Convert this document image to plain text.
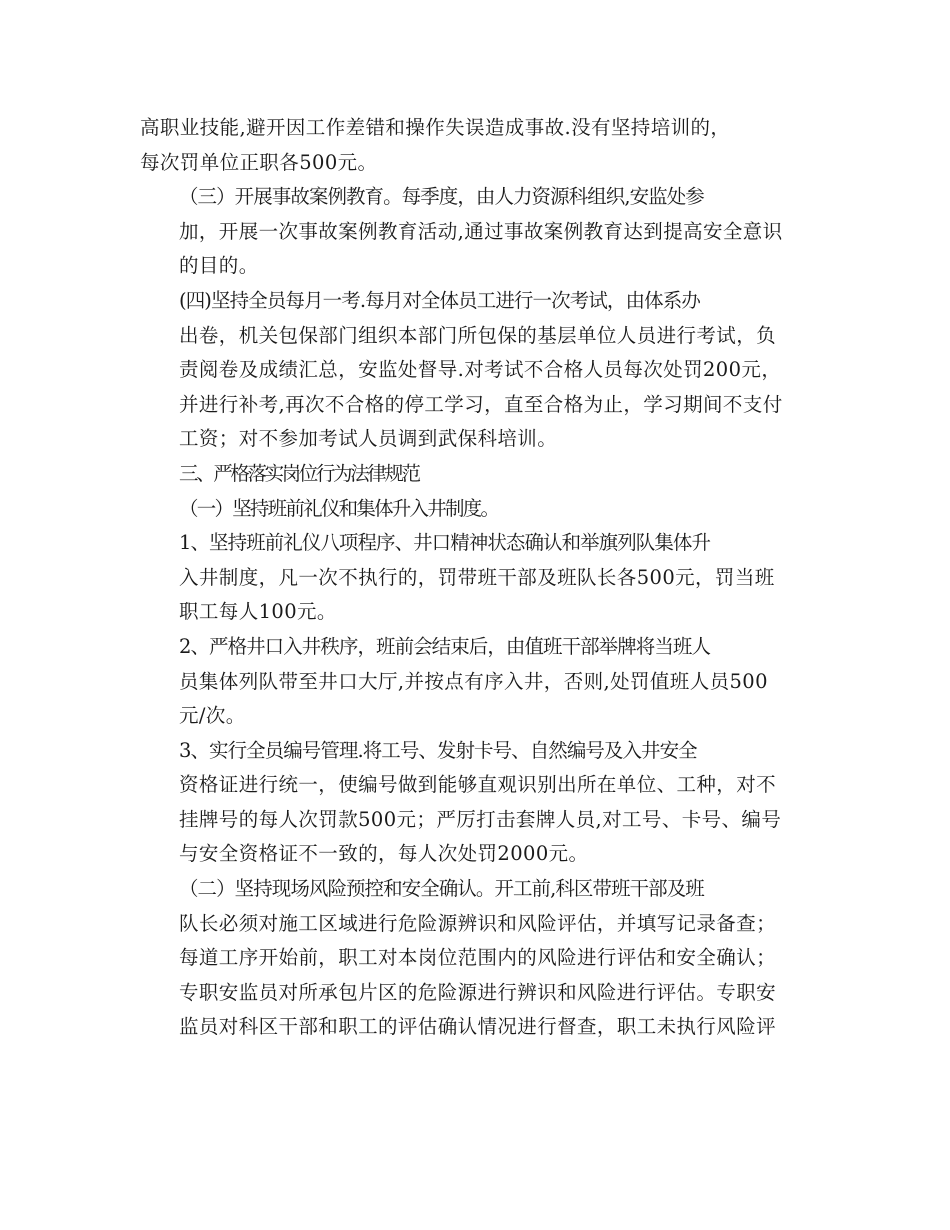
高职业技能,避开因工作差错和操作失误造成事故.没有坚持培训的，
每次罚单位正职各500元。
（三）开展事故案例教育。每季度，由人力资源科组织,安监处参
加，开展一次事故案例教育活动,通过事故案例教育达到提高安全意识
的目的。
(四)坚持全员每月一考.每月对全体员工进行一次考试，由体系办
出卷，机关包保部门组织本部门所包保的基层单位人员进行考试，负
责阅卷及成绩汇总，安监处督导.对考试不合格人员每次处罚200元，
并进行补考,再次不合格的停工学习，直至合格为止，学习期间不支付
工资；对不参加考试人员调到武保科培训。
三、严格落实岗位行为法律规范
（一）坚持班前礼仪和集体升入井制度。
1、坚持班前礼仪八项程序、井口精神状态确认和举旗列队集体升
入井制度，凡一次不执行的，罚带班干部及班队长各500元，罚当班
职工每人100元。
2、严格井口入井秩序，班前会结束后，由值班干部举牌将当班人
员集体列队带至井口大厅,并按点有序入井，否则,处罚值班人员500
元/次。
3、实行全员编号管理.将工号、发射卡号、自然编号及入井安全
资格证进行统一，使编号做到能够直观识别出所在单位、工种，对不
挂牌号的每人次罚款500元；严厉打击套牌人员,对工号、卡号、编号
与安全资格证不一致的，每人次处罚2000元。
（二）坚持现场风险预控和安全确认。开工前,科区带班干部及班
队长必须对施工区域进行危险源辨识和风险评估，并填写记录备查；
每道工序开始前，职工对本岗位范围内的风险进行评估和安全确认；
专职安监员对所承包片区的危险源进行辨识和风险进行评估。专职安
监员对科区干部和职工的评估确认情况进行督查，职工未执行风险评
